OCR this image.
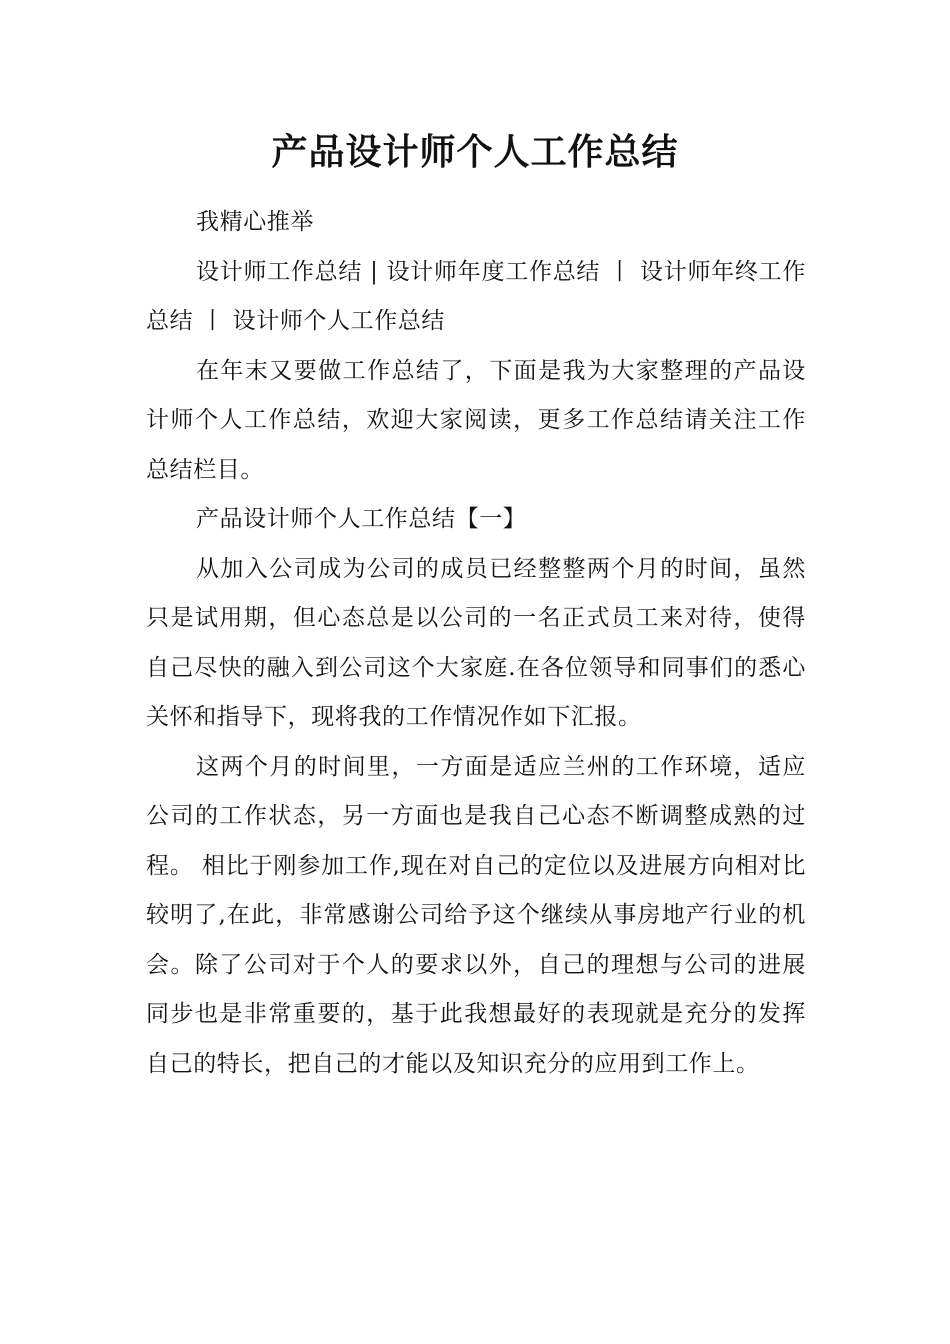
产品设计师个人工作总结

我精心推举

设计师工作总结 | 设计师年度工作总结 丨 设计师年终工作总结 丨 设计师个人工作总结

在年末又要做工作总结了，下面是我为大家整理的产品设计师个人工作总结，欢迎大家阅读，更多工作总结请关注工作总结栏目。

产品设计师个人工作总结【一】

从加入公司成为公司的成员已经整整两个月的时间，虽然只是试用期，但心态总是以公司的一名正式员工来对待，使得自己尽快的融入到公司这个大家庭.在各位领导和同事们的悉心关怀和指导下，现将我的工作情况作如下汇报。

这两个月的时间里，一方面是适应兰州的工作环境，适应公司的工作状态，另一方面也是我自己心态不断调整成熟的过程。 相比于刚参加工作,现在对自己的定位以及进展方向相对比较明了,在此，非常感谢公司给予这个继续从事房地产行业的机会。除了公司对于个人的要求以外，自己的理想与公司的进展同步也是非常重要的，基于此我想最好的表现就是充分的发挥自己的特长，把自己的才能以及知识充分的应用到工作上。
